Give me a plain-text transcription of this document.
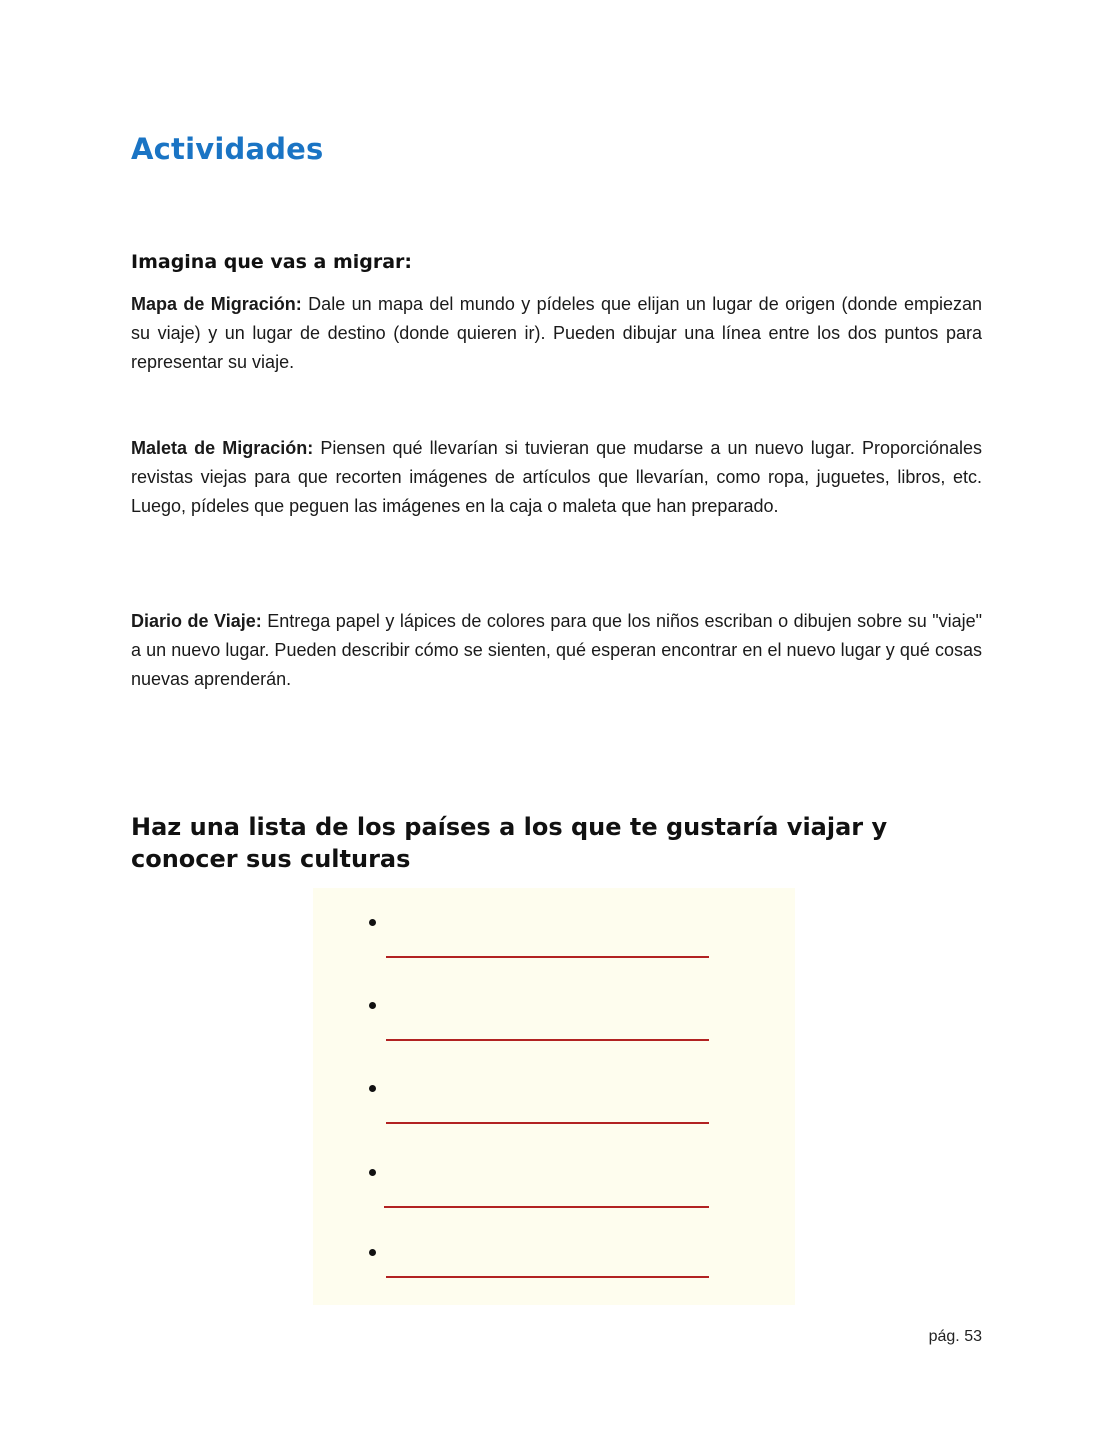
Actividades
Imagina que vas a migrar:

Mapa de Migración: Dale un mapa del mundo y pídeles que elijan un lugar de origen (donde empiezan su viaje) y un lugar de destino (donde quieren ir). Pueden dibujar una línea entre los dos puntos para representar su viaje.

Maleta de Migración: Piensen qué llevarían si tuvieran que mudarse a un nuevo lugar. Proporciónales revistas viejas para que recorten imágenes de artículos que llevarían, como ropa, juguetes, libros, etc. Luego, pídeles que peguen las imágenes en la caja o maleta que han preparado.

Diario de Viaje: Entrega papel y lápices de colores para que los niños escriban o dibujen sobre su "viaje" a un nuevo lugar. Pueden describir cómo se sienten, qué esperan encontrar en el nuevo lugar y qué cosas nuevas aprenderán.

Haz una lista de los países a los que te gustaría viajar y conocer sus culturas

pág. 53
